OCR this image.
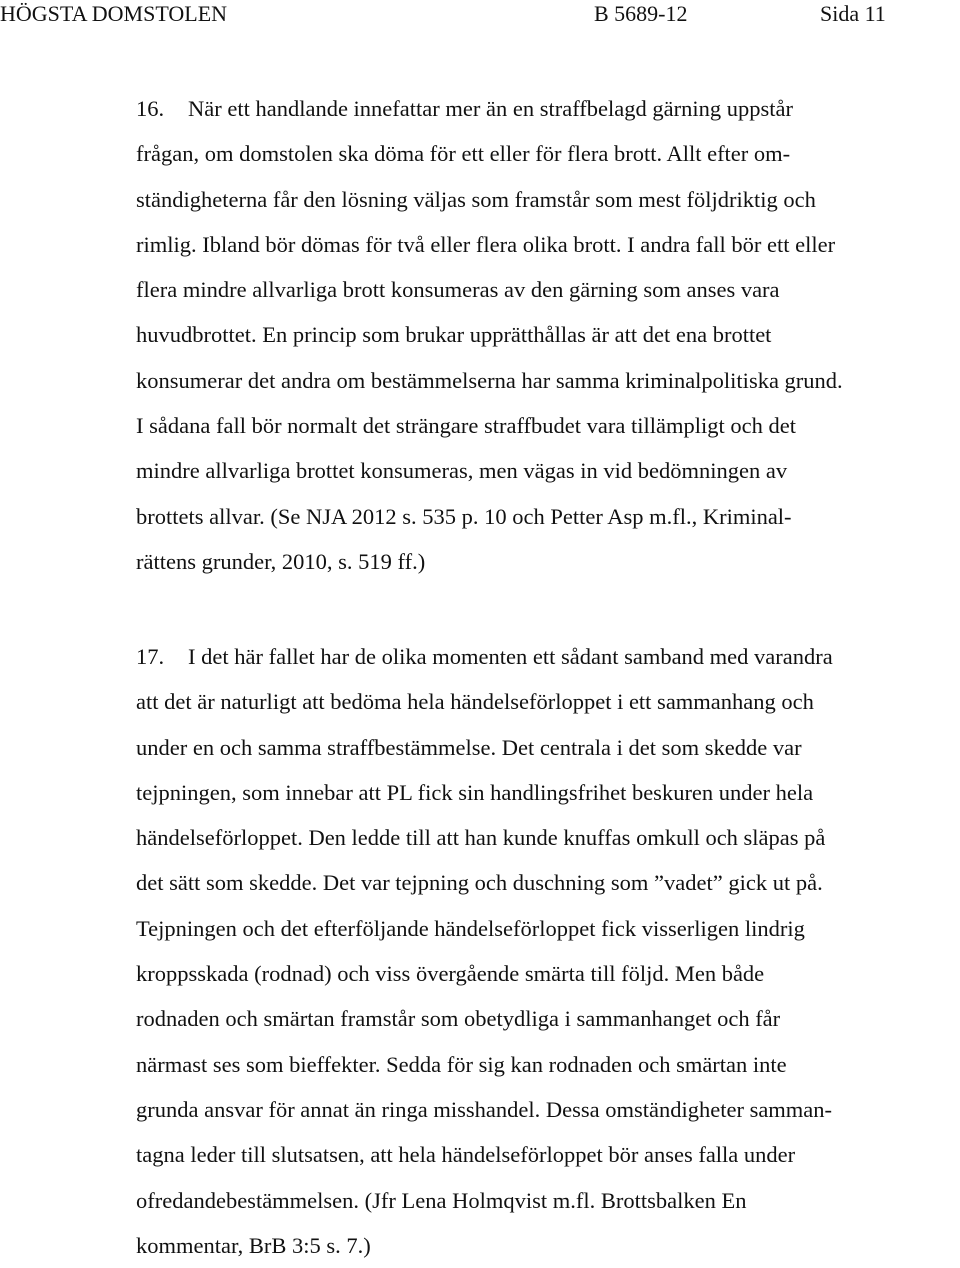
HÖGSTA DOMSTOLEN	B 5689-12	Sida 11
16. När ett handlande innefattar mer än en straffbelagd gärning uppstår
frågan, om domstolen ska döma för ett eller för flera brott. Allt efter om-
ständigheterna får den lösning väljas som framstår som mest följdriktig och
rimlig. Ibland bör dömas för två eller flera olika brott. I andra fall bör ett eller
flera mindre allvarliga brott konsumeras av den gärning som anses vara
huvudbrottet. En princip som brukar upprätthållas är att det ena brottet
konsumerar det andra om bestämmelserna har samma kriminalpolitiska grund.
I sådana fall bör normalt det strängare straffbudet vara tillämpligt och det
mindre allvarliga brottet konsumeras, men vägas in vid bedömningen av
brottets allvar. (Se NJA 2012 s. 535 p. 10 och Petter Asp m.fl., Kriminal-
rättens grunder, 2010, s. 519 ff.)
17. I det här fallet har de olika momenten ett sådant samband med varandra
att det är naturligt att bedöma hela händelseförloppet i ett sammanhang och
under en och samma straffbestämmelse. Det centrala i det som skedde var
tejpningen, som innebar att PL fick sin handlingsfrihet beskuren under hela
händelseförloppet. Den ledde till att han kunde knuffas omkull och släpas på
det sätt som skedde. Det var tejpning och duschning som ”vadet” gick ut på.
Tejpningen och det efterföljande händelseförloppet fick visserligen lindrig
kroppsskada (rodnad) och viss övergående smärta till följd. Men både
rodnaden och smärtan framstår som obetydliga i sammanhanget och får
närmast ses som bieffekter. Sedda för sig kan rodnaden och smärtan inte
grunda ansvar för annat än ringa misshandel. Dessa omständigheter samman-
tagna leder till slutsatsen, att hela händelseförloppet bör anses falla under
ofredandebestämmelsen. (Jfr Lena Holmqvist m.fl. Brottsbalken En
kommentar, BrB 3:5 s. 7.)
